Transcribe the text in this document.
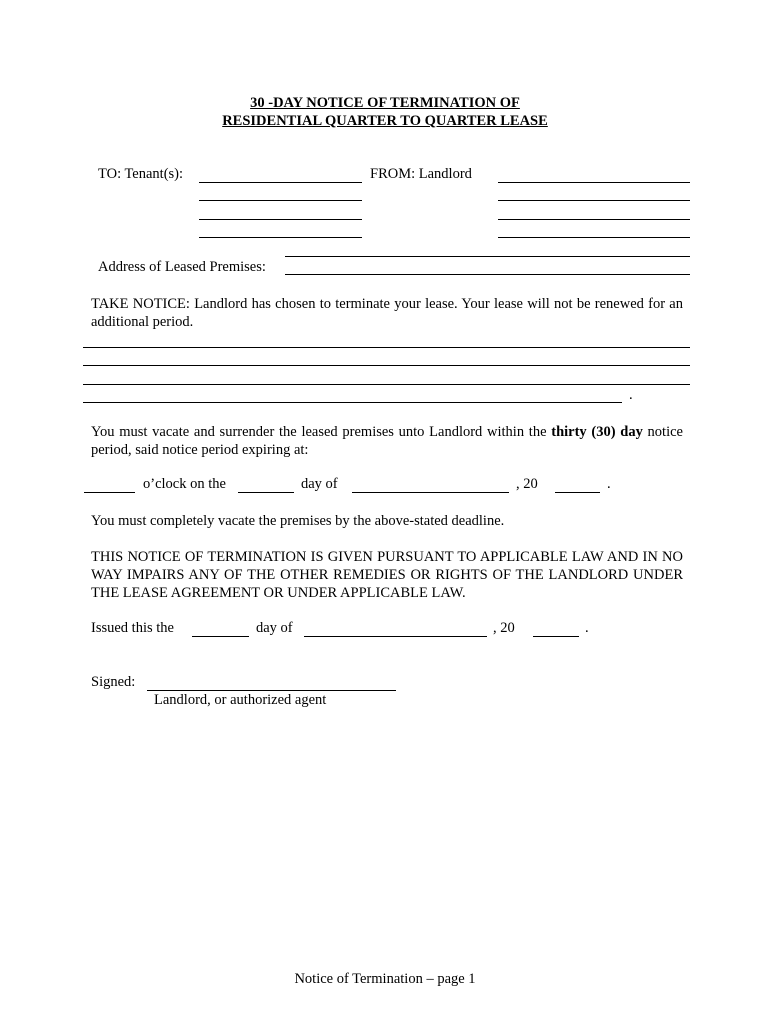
30 -DAY NOTICE OF TERMINATION OF
RESIDENTIAL QUARTER TO QUARTER LEASE
TO: Tenant(s):	FROM: Landlord
Address of Leased Premises:
TAKE NOTICE: Landlord has chosen to terminate your lease. Your lease will not be renewed for an additional period.
.
You must vacate and surrender the leased premises unto Landlord within the thirty (30) day notice period, said notice period expiring at:
o’clock on the	day of	, 20	.
You must completely vacate the premises by the above-stated deadline.
THIS NOTICE OF TERMINATION IS GIVEN PURSUANT TO APPLICABLE LAW AND IN NO WAY IMPAIRS ANY OF THE OTHER REMEDIES OR RIGHTS OF THE LANDLORD UNDER THE LEASE AGREEMENT OR UNDER APPLICABLE LAW.
Issued this the	day of	, 20	.
Signed:
Landlord, or authorized agent
Notice of Termination – page 1
